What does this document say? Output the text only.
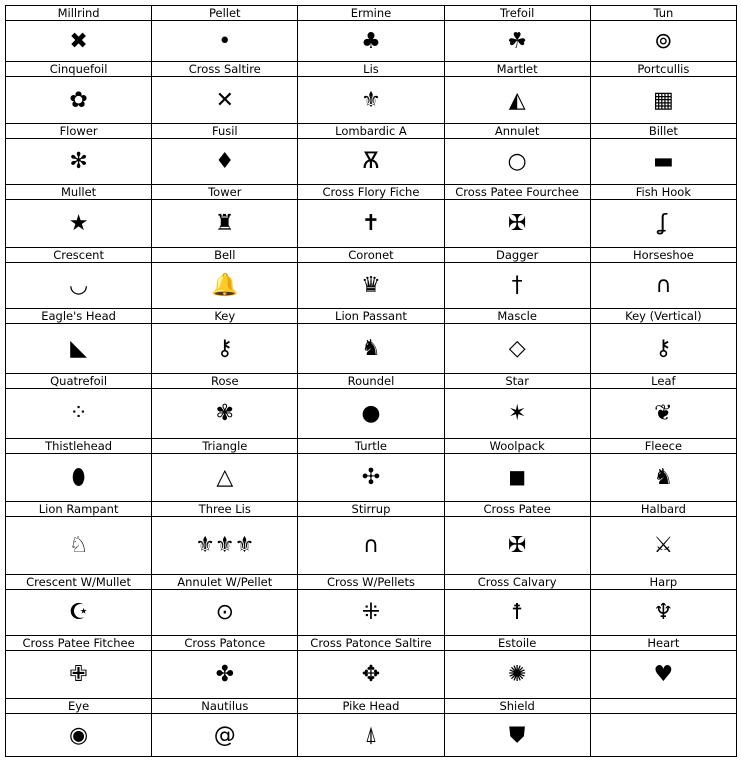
Millrind	Pellet	Ermine	Trefoil	Tun
✖	•	♣	☘	⊚
Cinquefoil	Cross Saltire	Lis	Martlet	Portcullis
✿	✕	⚜	◭	▦
Flower	Fusil	Lombardic A	Annulet	Billet
✻	♦	Ѫ	○	▬
Mullet	Tower	Cross Flory Fiche	Cross Patee Fourchee	Fish Hook
★	♜	✝	✠	ʆ
Crescent	Bell	Coronet	Dagger	Horseshoe
◡	🔔	♛	†	∩
Eagle's Head	Key	Lion Passant	Mascle	Key (Vertical)
◣	⚷	♞	◇	⚷
Quatrefoil	Rose	Roundel	Star	Leaf
⁘	✾	●	✶	❦
Thistlehead	Triangle	Turtle	Woolpack	Fleece
⬮	△	✣	◼	♞
Lion Rampant	Three Lis	Stirrup	Cross Patee	Halbard
♘	⚜⚜⚜	∩	✠	⚔
Crescent W/Mullet	Annulet W/Pellet	Cross W/Pellets	Cross Calvary	Harp
☪	⊙	⁜	☨	♆
Cross Patee Fitchee	Cross Patonce	Cross Patonce Saltire	Estoile	Heart
✙	✤	✥	✺	♥
Eye	Nautilus	Pike Head	Shield	
◉	@	⍋	⛊	
